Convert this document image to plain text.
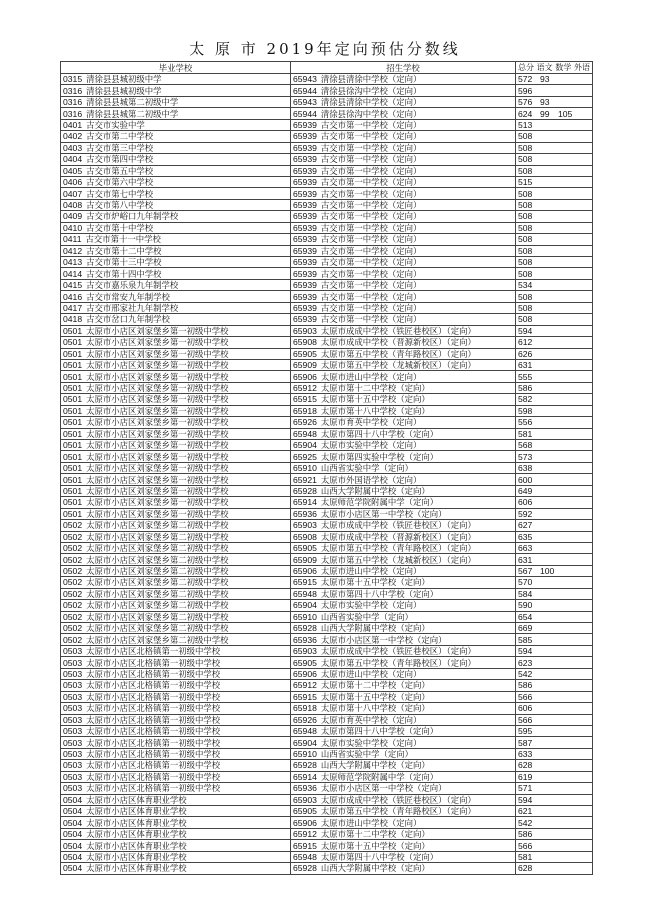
太 原 市 2019年定向预估分数线
毕业学校	招生学校	总分 语文 数学 外语
0315 清徐县县城初级中学	65943 清徐县清徐中学校（定向）	572 93
0316 清徐县县城初级中学	65944 清徐县徐沟中学校（定向）	596
0316 清徐县县城第二初级中学	65943 清徐县清徐中学校（定向）	576 93
0316 清徐县县城第二初级中学	65944 清徐县徐沟中学校（定向）	624 99 105
0401 古交市实验中学	65939 古交市第一中学校（定向）	513
0402 古交市第二中学校	65939 古交市第一中学校（定向）	508
0403 古交市第三中学校	65939 古交市第一中学校（定向）	508
0404 古交市第四中学校	65939 古交市第一中学校（定向）	508
0405 古交市第五中学校	65939 古交市第一中学校（定向）	508
0406 古交市第六中学校	65939 古交市第一中学校（定向）	515
0407 古交市第七中学校	65939 古交市第一中学校（定向）	508
0408 古交市第八中学校	65939 古交市第一中学校（定向）	508
0409 古交市炉峪口九年制学校	65939 古交市第一中学校（定向）	508
0410 古交市第十中学校	65939 古交市第一中学校（定向）	508
0411 古交市第十一中学校	65939 古交市第一中学校（定向）	508
0412 古交市第十二中学校	65939 古交市第一中学校（定向）	508
0413 古交市第十三中学校	65939 古交市第一中学校（定向）	508
0414 古交市第十四中学校	65939 古交市第一中学校（定向）	508
0415 古交市嘉乐泉九年制学校	65939 古交市第一中学校（定向）	534
0416 古交市常安九年制学校	65939 古交市第一中学校（定向）	508
0417 古交市邢家社九年制学校	65939 古交市第一中学校（定向）	508
0418 古交市岔口九年制学校	65939 古交市第一中学校（定向）	508
0501 太原市小店区刘家堡乡第一初级中学校	65903 太原市成成中学校（铁匠巷校区）（定向）	594
0501 太原市小店区刘家堡乡第一初级中学校	65908 太原市成成中学校（晋源新校区）（定向）	612
0501 太原市小店区刘家堡乡第一初级中学校	65905 太原市第五中学校（青年路校区）（定向）	626
0501 太原市小店区刘家堡乡第一初级中学校	65909 太原市第五中学校（龙城新校区）（定向）	631
0501 太原市小店区刘家堡乡第一初级中学校	65906 太原市进山中学校（定向）	555
0501 太原市小店区刘家堡乡第一初级中学校	65912 太原市第十二中学校（定向）	586
0501 太原市小店区刘家堡乡第一初级中学校	65915 太原市第十五中学校（定向）	582
0501 太原市小店区刘家堡乡第一初级中学校	65918 太原市第十八中学校（定向）	598
0501 太原市小店区刘家堡乡第一初级中学校	65926 太原市育英中学校（定向）	556
0501 太原市小店区刘家堡乡第一初级中学校	65948 太原市第四十八中学校（定向）	581
0501 太原市小店区刘家堡乡第一初级中学校	65904 太原市实验中学校（定向）	568
0501 太原市小店区刘家堡乡第一初级中学校	65925 太原市第四实验中学校（定向）	573
0501 太原市小店区刘家堡乡第一初级中学校	65910 山西省实验中学（定向）	638
0501 太原市小店区刘家堡乡第一初级中学校	65921 太原市外国语学校（定向）	600
0501 太原市小店区刘家堡乡第一初级中学校	65928 山西大学附属中学校（定向）	649
0501 太原市小店区刘家堡乡第一初级中学校	65914 太原师范学院附属中学（定向）	606
0501 太原市小店区刘家堡乡第一初级中学校	65936 太原市小店区第一中学校（定向）	592
0502 太原市小店区刘家堡乡第二初级中学校	65903 太原市成成中学校（铁匠巷校区）（定向）	627
0502 太原市小店区刘家堡乡第二初级中学校	65908 太原市成成中学校（晋源新校区）（定向）	635
0502 太原市小店区刘家堡乡第二初级中学校	65905 太原市第五中学校（青年路校区）（定向）	663
0502 太原市小店区刘家堡乡第二初级中学校	65909 太原市第五中学校（龙城新校区）（定向）	631
0502 太原市小店区刘家堡乡第二初级中学校	65906 太原市进山中学校（定向）	567 100
0502 太原市小店区刘家堡乡第二初级中学校	65915 太原市第十五中学校（定向）	570
0502 太原市小店区刘家堡乡第二初级中学校	65948 太原市第四十八中学校（定向）	584
0502 太原市小店区刘家堡乡第二初级中学校	65904 太原市实验中学校（定向）	590
0502 太原市小店区刘家堡乡第二初级中学校	65910 山西省实验中学（定向）	654
0502 太原市小店区刘家堡乡第二初级中学校	65928 山西大学附属中学校（定向）	669
0502 太原市小店区刘家堡乡第二初级中学校	65936 太原市小店区第一中学校（定向）	585
0503 太原市小店区北格镇第一初级中学校	65903 太原市成成中学校（铁匠巷校区）（定向）	594
0503 太原市小店区北格镇第一初级中学校	65905 太原市第五中学校（青年路校区）（定向）	623
0503 太原市小店区北格镇第一初级中学校	65906 太原市进山中学校（定向）	542
0503 太原市小店区北格镇第一初级中学校	65912 太原市第十二中学校（定向）	586
0503 太原市小店区北格镇第一初级中学校	65915 太原市第十五中学校（定向）	566
0503 太原市小店区北格镇第一初级中学校	65918 太原市第十八中学校（定向）	606
0503 太原市小店区北格镇第一初级中学校	65926 太原市育英中学校（定向）	566
0503 太原市小店区北格镇第一初级中学校	65948 太原市第四十八中学校（定向）	595
0503 太原市小店区北格镇第一初级中学校	65904 太原市实验中学校（定向）	587
0503 太原市小店区北格镇第一初级中学校	65910 山西省实验中学（定向）	633
0503 太原市小店区北格镇第一初级中学校	65928 山西大学附属中学校（定向）	628
0503 太原市小店区北格镇第一初级中学校	65914 太原师范学院附属中学（定向）	619
0503 太原市小店区北格镇第一初级中学校	65936 太原市小店区第一中学校（定向）	571
0504 太原市小店区体育职业学校	65903 太原市成成中学校（铁匠巷校区）（定向）	594
0504 太原市小店区体育职业学校	65905 太原市第五中学校（青年路校区）（定向）	621
0504 太原市小店区体育职业学校	65906 太原市进山中学校（定向）	542
0504 太原市小店区体育职业学校	65912 太原市第十二中学校（定向）	586
0504 太原市小店区体育职业学校	65915 太原市第十五中学校（定向）	566
0504 太原市小店区体育职业学校	65948 太原市第四十八中学校（定向）	581
0504 太原市小店区体育职业学校	65928 山西大学附属中学校（定向）	628
